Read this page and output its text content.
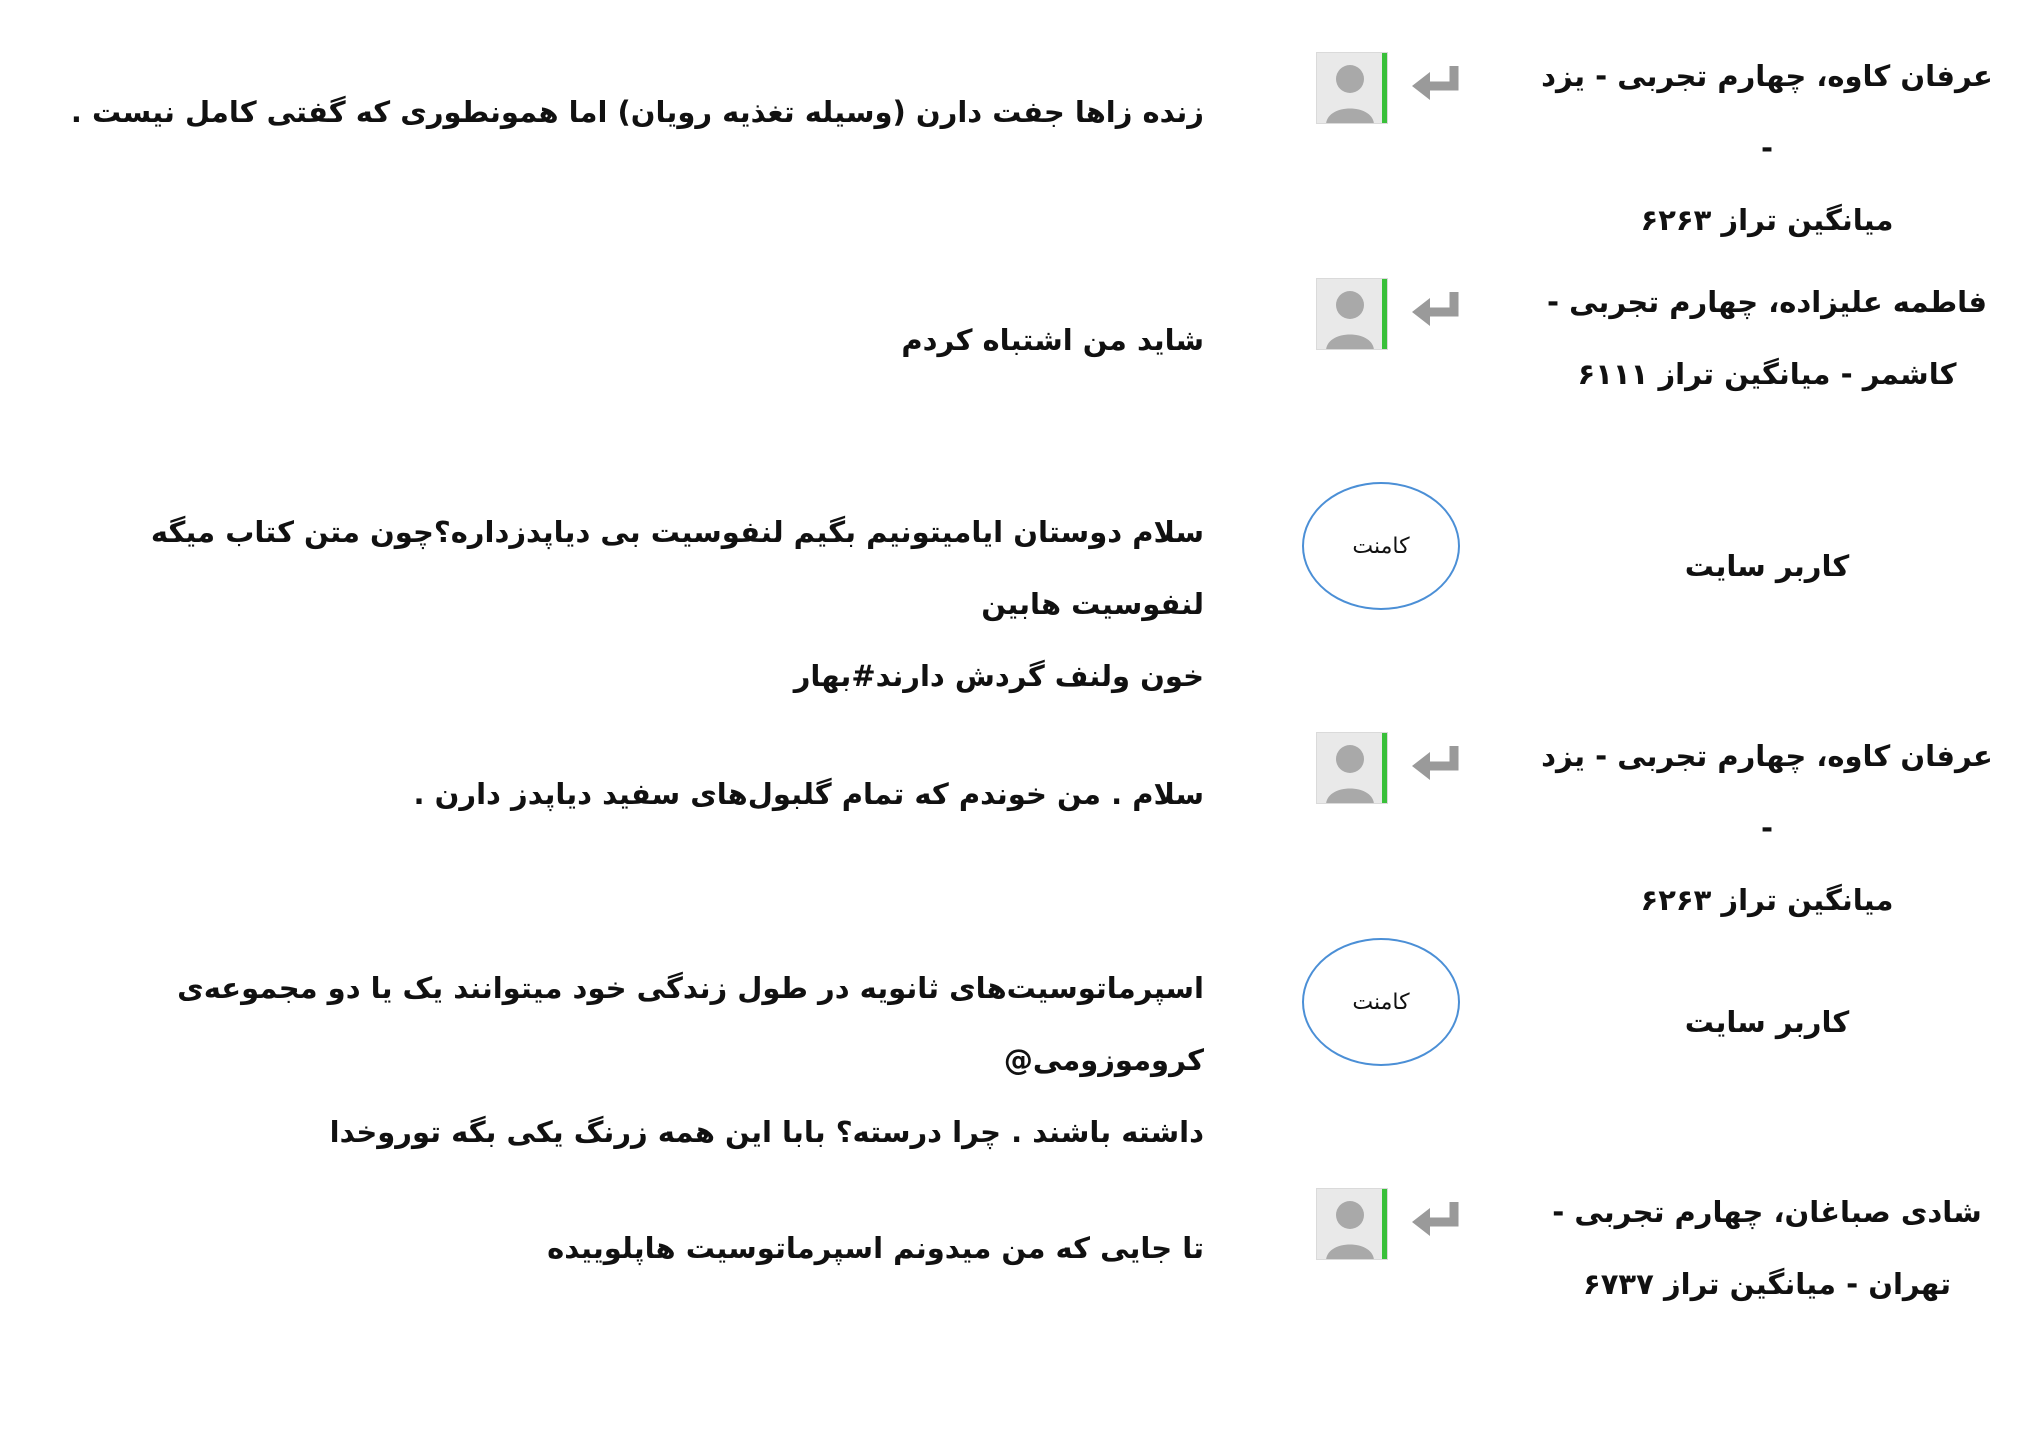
عرفان کاوه، چهارم تجربی - یزد -
میانگین تراز ۶۲۶۳
زنده زاها جفت دارن (وسیله تغذیه رویان) اما همونطوری که گفتی کامل نیست .
فاطمه علیزاده، چهارم تجربی -
کاشمر - میانگین تراز ۶۱۱۱
شاید من اشتباه کردم
کاربر سایت
کامنت
سلام دوستان ایامیتونیم بگیم لنفوسیت بی دیاپدزداره؟چون متن کتاب میگه لنفوسیت هابین
خون ولنف گردش دارند#بهار
عرفان کاوه، چهارم تجربی - یزد -
میانگین تراز ۶۲۶۳
سلام . من خوندم که تمام گلبول‌های سفید دیاپدز دارن .
کاربر سایت
کامنت
اسپرماتوسیت‌های ثانویه در طول زندگی خود میتوانند یک یا دو مجموعه‌ی کروموزومی@
داشته باشند . چرا درسته؟ بابا این همه زرنگ یکی بگه توروخدا
شادی صباغان، چهارم تجربی -
تهران - میانگین تراز ۶۷۳۷
تا جایی که من میدونم اسپرماتوسیت هاپلوییده
